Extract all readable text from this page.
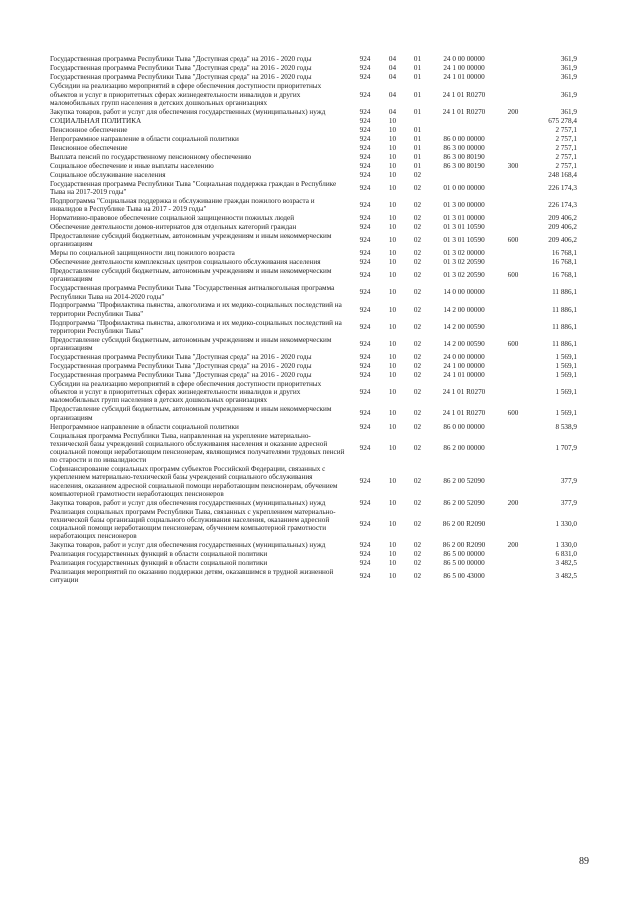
Государственная программа Республики Тыва "Доступная среда" на 2016 - 2020 годы	924	04	01	24 0 00 00000		361,9
Государственная программа Республики Тыва "Доступная среда" на 2016 - 2020 годы	924	04	01	24 1 00 00000		361,9
Государственная программа Республики Тыва "Доступная среда" на 2016 - 2020 годы	924	04	01	24 1 01 00000		361,9
Субсидии на реализацию мероприятий в сфере обеспечения доступности приоритетных объектов и услуг в приоритетных сферах жизнедеятельности инвалидов и других маломобильных групп населения в детских дошкольных организациях	924	04	01	24 1 01 R0270		361,9
Закупка товаров, работ и услуг для обеспечения государственных (муниципальных) нужд	924	04	01	24 1 01 R0270	200	361,9
СОЦИАЛЬНАЯ ПОЛИТИКА	924	10				675 278,4
Пенсионное обеспечение	924	10	01			2 757,1
Непрограммное направление в области социальной политики	924	10	01	86 0 00 00000		2 757,1
Пенсионное обеспечение	924	10	01	86 3 00 00000		2 757,1
Выплата пенсий по государственному пенсионному обеспечению	924	10	01	86 3 00 80190		2 757,1
Социальное обеспечение и иные выплаты населению	924	10	01	86 3 00 80190	300	2 757,1
Социальное обслуживание населения	924	10	02			248 168,4
Государственная программа Республики Тыва "Социальная поддержка граждан в Республике Тыва на 2017-2019 годы"	924	10	02	01 0 00 00000		226 174,3
Подпрограмма "Социальная поддержка и обслуживание граждан пожилого возраста и инвалидов в Республике Тыва на 2017 - 2019 годы"	924	10	02	01 3 00 00000		226 174,3
Нормативно-правовое обеспечение социальной защищенности пожилых людей	924	10	02	01 3 01 00000		209 406,2
Обеспечение деятельности домов-интернатов для отдельных категорий граждан	924	10	02	01 3 01 10590		209 406,2
Предоставление субсидий бюджетным, автономным учреждениям и иным некоммерческим организациям	924	10	02	01 3 01 10590	600	209 406,2
Меры по социальной защищенности лиц пожилого возраста	924	10	02	01 3 02 00000		16 768,1
Обеспечение деятельности комплексных центров социального обслуживания населения	924	10	02	01 3 02 20590		16 768,1
Предоставление субсидий бюджетным, автономным учреждениям и иным некоммерческим организациям	924	10	02	01 3 02 20590	600	16 768,1
Государственная программа Республики Тыва "Государственная антиалкогольная программа Республики Тыва на 2014-2020 годы"	924	10	02	14 0 00 00000		11 886,1
Подпрограмма "Профилактика пьянства, алкоголизма и их медико-социальных последствий на территории Республики Тыва"	924	10	02	14 2 00 00000		11 886,1
Подпрограмма "Профилактика пьянства, алкоголизма и их медико-социальных последствий на территории Республики Тыва"	924	10	02	14 2 00 00590		11 886,1
Предоставление субсидий бюджетным, автономным учреждениям и иным некоммерческим организациям	924	10	02	14 2 00 00590	600	11 886,1
Государственная программа Республики Тыва "Доступная среда" на 2016 - 2020 годы	924	10	02	24 0 00 00000		1 569,1
Государственная программа Республики Тыва "Доступная среда" на 2016 - 2020 годы	924	10	02	24 1 00 00000		1 569,1
Государственная программа Республики Тыва "Доступная среда" на 2016 - 2020 годы	924	10	02	24 1 01 00000		1 569,1
Субсидии на реализацию мероприятий в сфере обеспечения доступности приоритетных объектов и услуг в приоритетных сферах жизнедеятельности инвалидов и других маломобильных групп населения в детских дошкольных организациях	924	10	02	24 1 01 R0270		1 569,1
Предоставление субсидий бюджетным, автономным учреждениям и иным некоммерческим организациям	924	10	02	24 1 01 R0270	600	1 569,1
Непрограммное направление в области социальной политики	924	10	02	86 0 00 00000		8 538,9
Социальная программа Республики Тыва, направленная на укрепление материально-технической базы учреждений социального обслуживания населения и оказание адресной социальной помощи неработающим пенсионерам, являющимся получателями трудовых пенсий по старости и по инвалидности	924	10	02	86 2 00 00000		1 707,9
Софинансирование социальных программ субъектов Российской Федерации, связанных с укреплением материально-технической базы учреждений социального обслуживания населения, оказанием адресной социальной помощи неработающим пенсионерам, обучением компьютерной грамотности неработающих пенсионеров	924	10	02	86 2 00 52090		377,9
Закупка товаров, работ и услуг для обеспечения государственных (муниципальных) нужд	924	10	02	86 2 00 52090	200	377,9
Реализация социальных программ Республики Тыва, связанных с укреплением материально-технической базы организаций социального обслуживания населения, оказанием адресной социальной помощи неработающим пенсионерам, обучением компьютерной грамотности неработающих пенсионеров	924	10	02	86 2 00 R2090		1 330,0
Закупка товаров, работ и услуг для обеспечения государственных (муниципальных) нужд	924	10	02	86 2 00 R2090	200	1 330,0
Реализация государственных функций в области социальной политики	924	10	02	86 5 00 00000		6 831,0
Реализация государственных функций в области социальной политики	924	10	02	86 5 00 00000		3 482,5
Реализация мероприятий по оказанию поддержки детям, оказавшимся в трудной жизненной ситуации	924	10	02	86 5 00 43000		3 482,5
89
